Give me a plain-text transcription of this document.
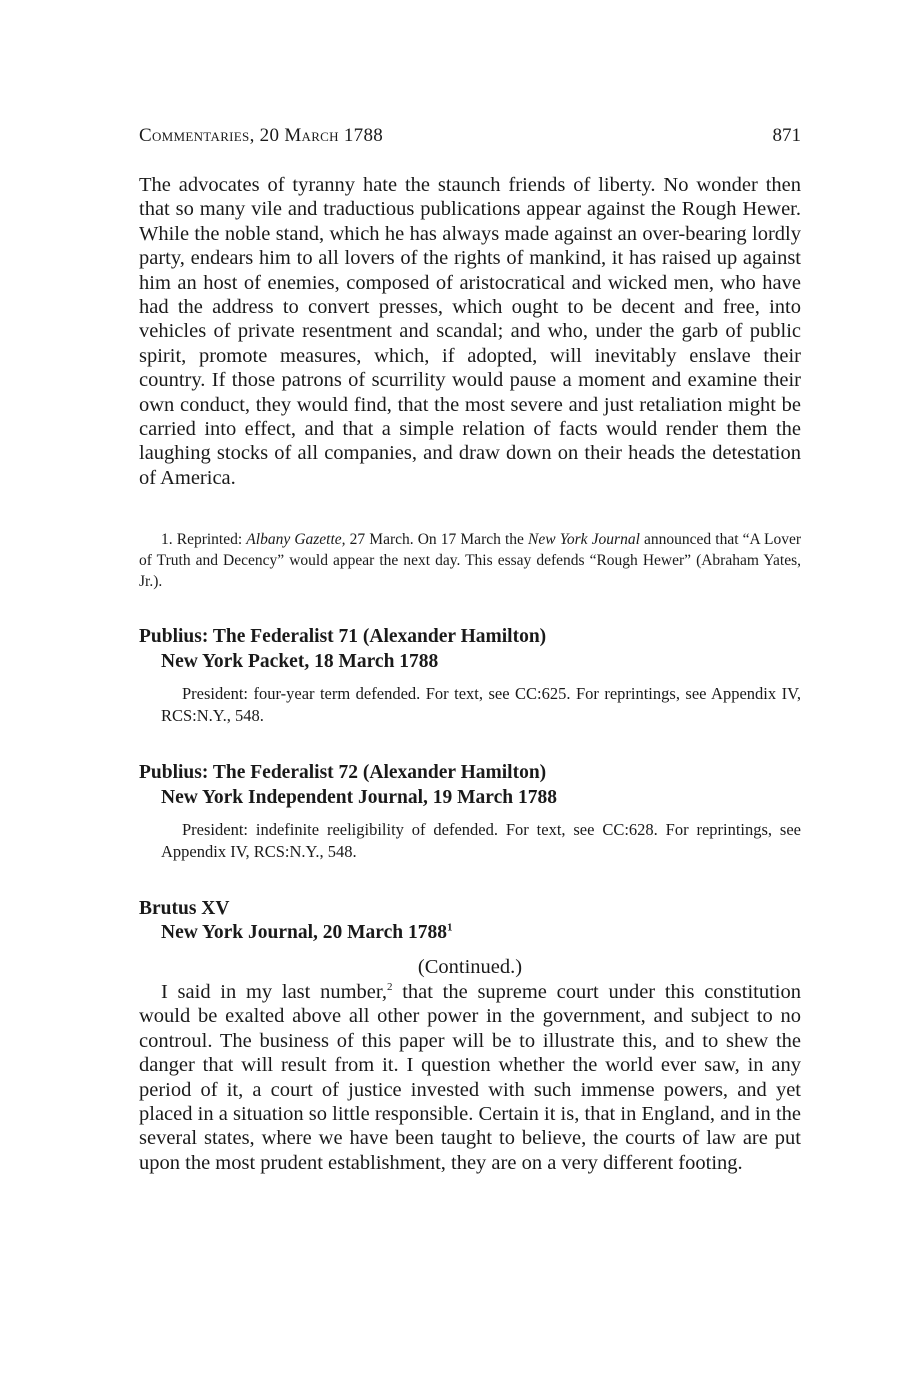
Commentaries, 20 March 1788	871

The advocates of tyranny hate the staunch friends of liberty. No wonder then that so many vile and traductious publications appear against the Rough Hewer. While the noble stand, which he has always made against an over-bearing lordly party, endears him to all lovers of the rights of mankind, it has raised up against him an host of enemies, composed of aristocratical and wicked men, who have had the address to convert presses, which ought to be decent and free, into vehicles of private resentment and scandal; and who, under the garb of public spirit, promote measures, which, if adopted, will inevitably enslave their country. If those patrons of scurrility would pause a moment and examine their own conduct, they would find, that the most severe and just retaliation might be carried into effect, and that a simple relation of facts would render them the laughing stocks of all companies, and draw down on their heads the detestation of America.

1. Reprinted: Albany Gazette, 27 March. On 17 March the New York Journal announced that “A Lover of Truth and Decency” would appear the next day. This essay defends “Rough Hewer” (Abraham Yates, Jr.).

Publius: The Federalist 71 (Alexander Hamilton)
New York Packet, 18 March 1788

President: four-year term defended. For text, see CC:625. For reprintings, see Appendix IV, RCS:N.Y., 548.

Publius: The Federalist 72 (Alexander Hamilton)
New York Independent Journal, 19 March 1788

President: indefinite reeligibility of defended. For text, see CC:628. For reprintings, see Appendix IV, RCS:N.Y., 548.

Brutus XV
New York Journal, 20 March 1788$^1$
(Continued.)

I said in my last number,$^2$ that the supreme court under this constitution would be exalted above all other power in the government, and subject to no controul. The business of this paper will be to illustrate this, and to shew the danger that will result from it. I question whether the world ever saw, in any period of it, a court of justice invested with such immense powers, and yet placed in a situation so little responsible. Certain it is, that in England, and in the several states, where we have been taught to believe, the courts of law are put upon the most prudent establishment, they are on a very different footing.
